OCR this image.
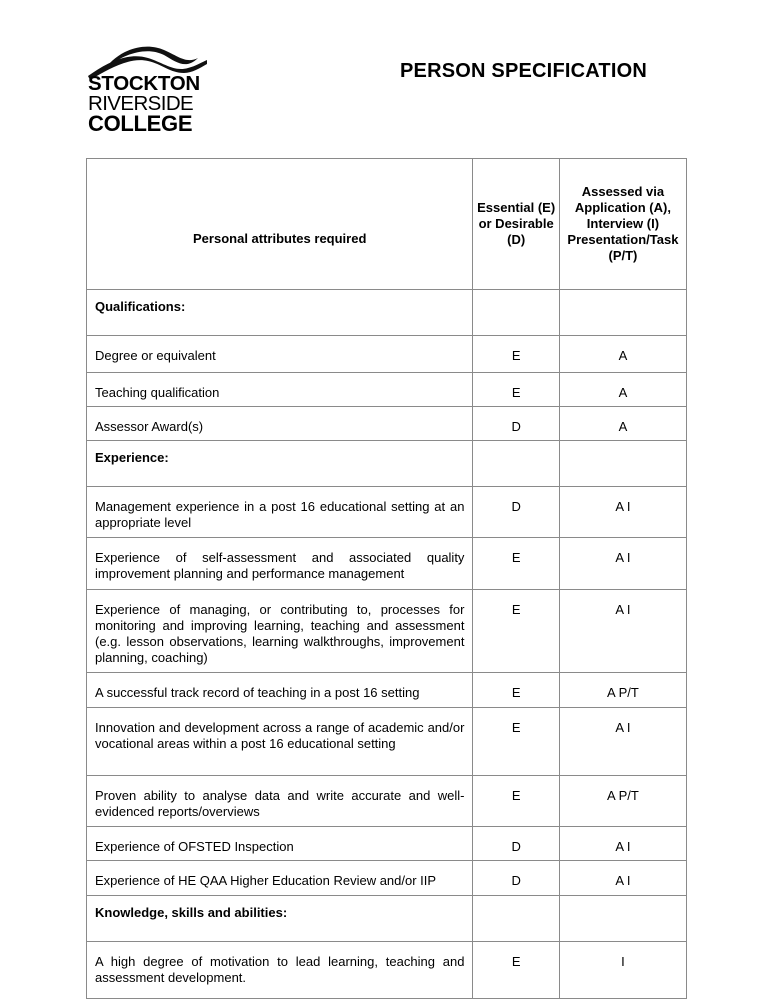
STOCKTON
RIVERSIDE
COLLEGE
PERSON SPECIFICATION
Personal attributes required	Essential (E) or Desirable (D)	Assessed via Application (A), Interview (I) Presentation/Task (P/T)
Qualifications:		
Degree or equivalent	E	A
Teaching qualification	E	A
Assessor Award(s)	D	A
Experience:		
Management experience in a post 16 educational setting at an appropriate level	D	A I
Experience of self-assessment and associated quality improvement planning and performance management	E	A I
Experience of managing, or contributing to, processes for monitoring and improving learning, teaching and assessment (e.g. lesson observations, learning walkthroughs, improvement planning, coaching)	E	A I
A successful track record of teaching in a post 16 setting	E	A P/T
Innovation and development across a range of academic and/or vocational areas within a post 16 educational setting	E	A I
Proven ability to analyse data and write accurate and well-evidenced reports/overviews	E	A P/T
Experience of OFSTED Inspection	D	A I
Experience of HE QAA Higher Education Review and/or IIP	D	A I
Knowledge, skills and abilities:		
A high degree of motivation to lead learning, teaching and assessment development.	E	I
